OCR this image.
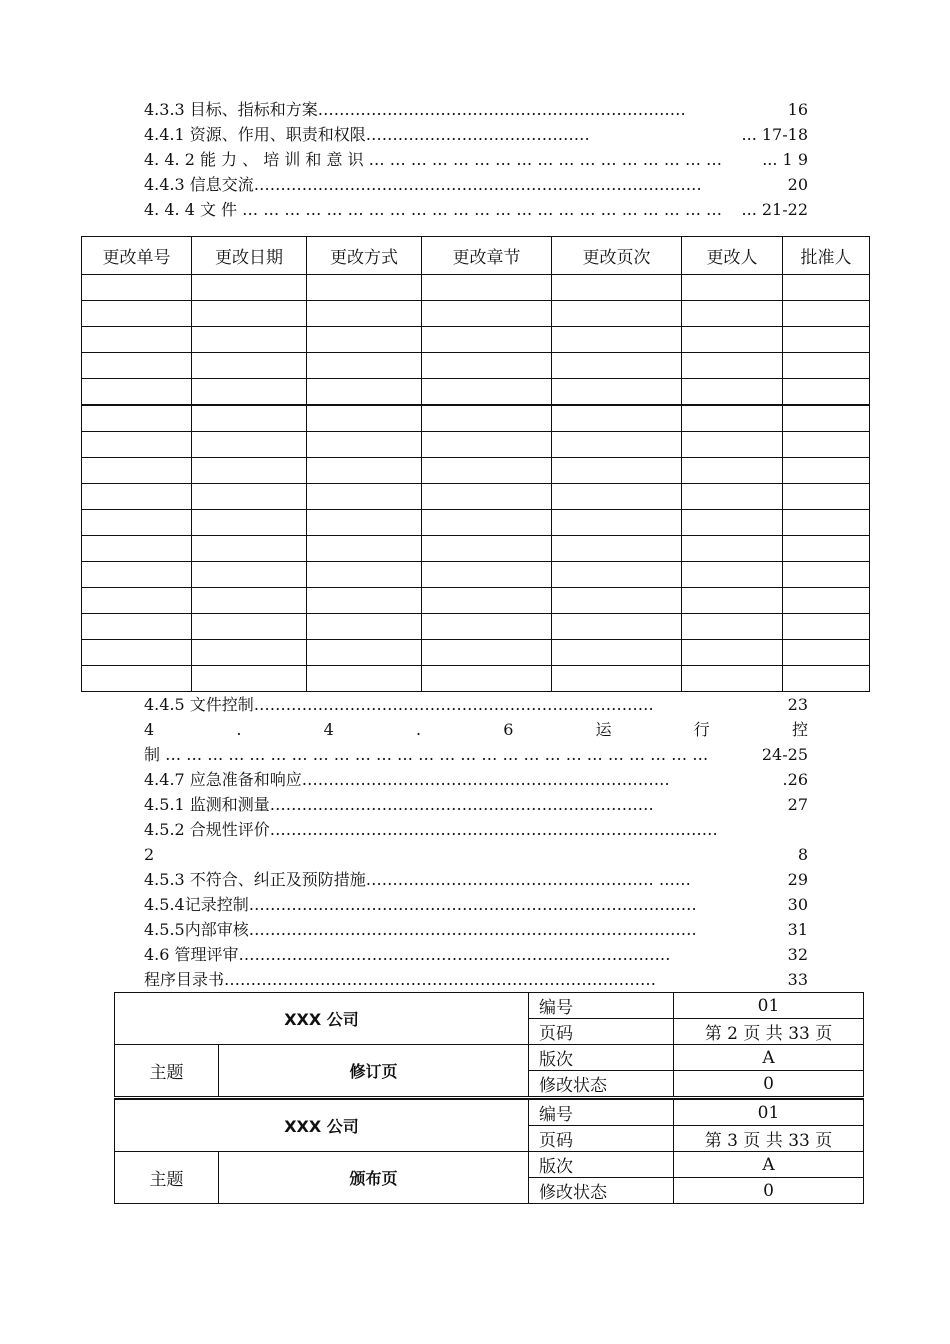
4.3.3 目标、指标和方案……………………………………………………………	16
4.4.1 资源、作用、职责和权限……………………………………	... 17-18
4. 4. 2 能 力 、 培 训 和 意 识 … … … … … … … … … … … … … … … … …	... 1 9
4.4.3 信息交流…………………………………………………………………………	20
4. 4. 4 文 件 … … … … … … … … … … … … … … … … … … … … … … … ... 21-22
更改单号	更改日期	更改方式	更改章节	更改页次	更改人	批准人

4.4.5 文件控制…………………………………………………………………	23
4	.	4	.	6	运	行	控
制 … … … … … … … … … … … … … … … … … … … … … … … … … …	24-25
4.4.7 应急准备和响应……………………………………………………………	.26
4.5.1 监测和测量………………………………………………………………	27
4.5.2 合规性评价…………………………………………………………………………
2	8
4.5.3 不符合、纠正及预防措施……………………………………………… ……	29
4.5.4记录控制…………………………………………………………………………	30
4.5.5内部审核…………………………………………………………………………	31
4.6 管理评审………………………………………………………………………	32
程序目录书………………………………………………………………………	33
XXX 公司		编号	01
		页码	第 2 页 共 33 页
主题	修订页	版次	A
		修改状态	0
XXX 公司		编号	01
		页码	第 3 页 共 33 页
主题	颁布页	版次	A
		修改状态	0
